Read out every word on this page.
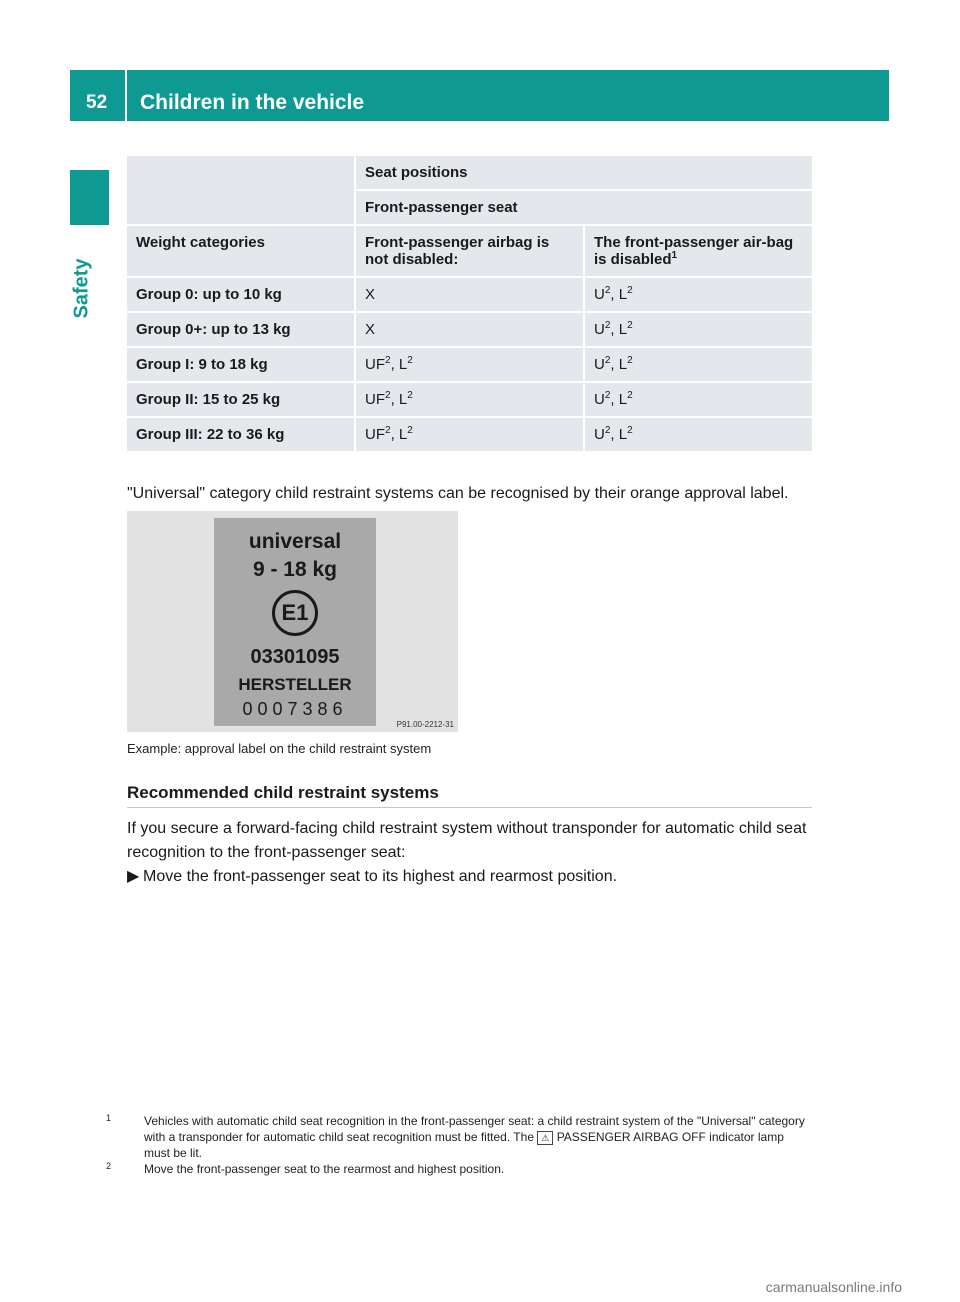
52 Children in the vehicle
Safety
	Seat positions	
	Front-passenger seat	
Weight categories	Front-passenger airbag is not disabled:	The front-passenger air-bag is disabled$^1$
Group 0: up to 10 kg	X	$U^2$, $L^2$
Group 0+: up to 13 kg	X	$U^2$, $L^2$
Group I: 9 to 18 kg	$UF^2$, $L^2$	$U^2$, $L^2$
Group II: 15 to 25 kg	$UF^2$, $L^2$	$U^2$, $L^2$
Group III: 22 to 36 kg	$UF^2$, $L^2$	$U^2$, $L^2$
"Universal" category child restraint systems can be recognised by their orange approval label.
universal
9 - 18 kg
E1
03301095
HERSTELLER
0007386
P91.00-2212-31
Example: approval label on the child restraint system
Recommended child restraint systems
If you secure a forward-facing child restraint system without transponder for automatic child seat recognition to the front-passenger seat:
▶ Move the front-passenger seat to its highest and rearmost position.
1	Vehicles with automatic child seat recognition in the front-passenger seat: a child restraint system of the "Universal" category with a transponder for automatic child seat recognition must be fitted. The ⚠ PASSENGER AIRBAG OFF indicator lamp must be lit.
2	Move the front-passenger seat to the rearmost and highest position.
carmanualsonline.info
